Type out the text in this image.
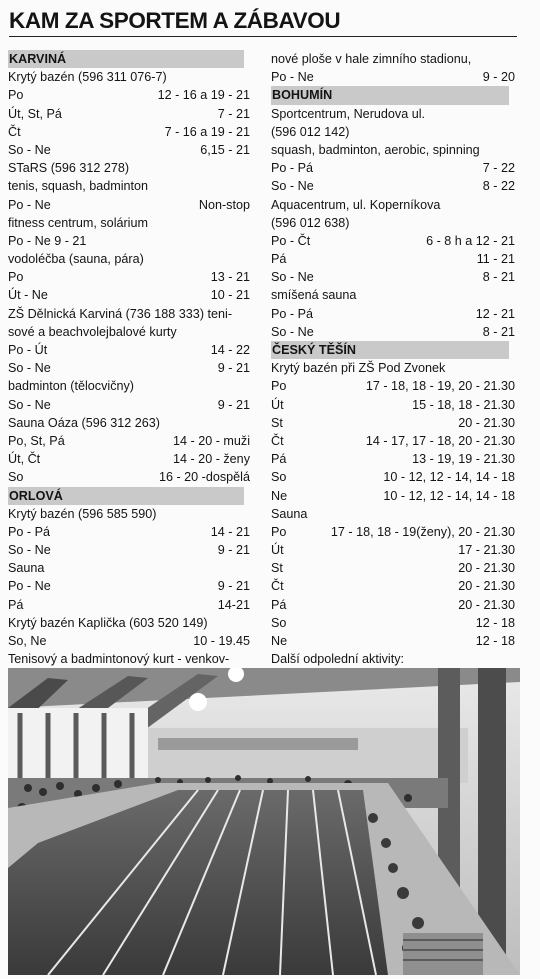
KAM ZA SPORTEM A ZÁBAVOU
KARVINÁ
Krytý bazén (596 311 076-7)
Po	12 - 16 a 19 - 21
Út, St, Pá	7 - 21
Čt	7 - 16 a 19 - 21
So - Ne	6,15 - 21
STaRS (596 312 278)
tenis, squash, badminton
Po - Ne	Non-stop
fitness centrum, solárium
Po - Ne 9 - 21
vodoléčba (sauna, pára)
Po	13 - 21
Út - Ne	10 - 21
ZŠ Dělnická Karviná (736 188 333) teni-
sové a beachvolejbalové kurty
Po - Út	14 - 22
So - Ne	9 - 21
badminton (tělocvičny)
So - Ne	9 - 21
Sauna Oáza (596 312 263)
Po, St, Pá	14 - 20 - muži
Út, Čt	14 - 20 - ženy
So	16 - 20 -dospělá
ORLOVÁ
Krytý bazén (596 585 590)
Po - Pá	14 - 21
So - Ne	9 - 21
Sauna
Po - Ne	9 - 21
Pá	14-21
Krytý bazén Kaplička (603 520 149)
So, Ne	10 - 19.45
Tenisový a badmintonový kurt - venkov-
nové ploše v hale zimního stadionu,
Po - Ne	9 - 20
BOHUMÍN
Sportcentrum, Nerudova ul.
(596 012 142)
squash, badminton, aerobic, spinning
Po - Pá	7 - 22
So - Ne	8 - 22
Aquacentrum, ul. Koperníkova
(596 012 638)
Po - Čt	6 - 8 h a 12 - 21
Pá	11 - 21
So - Ne	8 - 21
smíšená sauna
Po - Pá	12 - 21
So - Ne	8 - 21
ČESKÝ TĚŠÍN
Krytý bazén při ZŠ Pod Zvonek
Po	17 - 18, 18 - 19, 20 - 21.30
Út	15 - 18, 18 - 21.30
St	20 - 21.30
Čt	14 - 17, 17 - 18, 20 - 21.30
Pá	13 - 19, 19 - 21.30
So	10 - 12, 12 - 14, 14 - 18
Ne	10 - 12, 12 - 14, 14 - 18
Sauna
Po	17 - 18, 18 - 19(ženy), 20 - 21.30
Út	17 - 21.30
St	20 - 21.30
Čt	20 - 21.30
Pá	20 - 21.30
So	12 - 18
Ne	12 - 18
Další odpolední aktivity:
